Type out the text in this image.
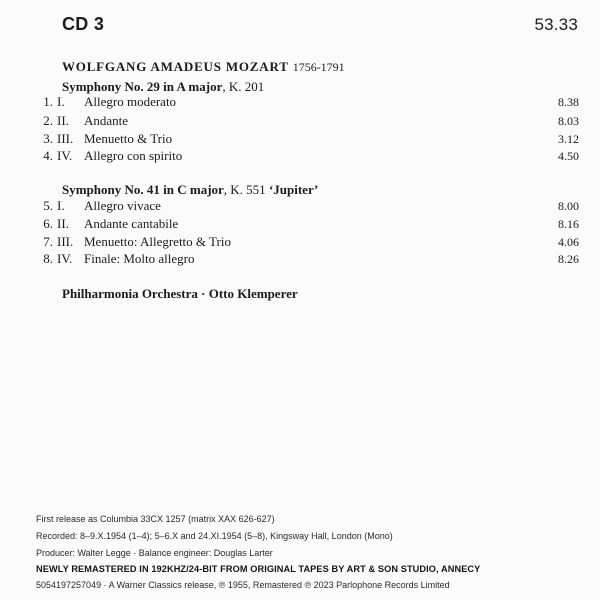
CD 3	53.33
WOLFGANG AMADEUS MOZART 1756-1791
Symphony No. 29 in A major, K. 201
1. I.	Allegro moderato	8.38
2. II.	Andante	8.03
3. III. Menuetto & Trio	3.12
4. IV. Allegro con spirito	4.50
Symphony No. 41 in C major, K. 551 ‘Jupiter’
5. I.	Allegro vivace	8.00
6. II.	Andante cantabile	8.16
7. III. Menuetto: Allegretto & Trio	4.06
8. IV. Finale: Molto allegro	8.26
Philharmonia Orchestra · Otto Klemperer
First release as Columbia 33CX 1257 (matrix XAX 626-627)
Recorded: 8–9.X.1954 (1–4); 5–6.X and 24.XI.1954 (5–8), Kingsway Hall, London (Mono)
Producer: Walter Legge · Balance engineer: Douglas Larter
NEWLY REMASTERED IN 192KHZ/24-BIT FROM ORIGINAL TAPES BY ART & SON STUDIO, ANNECY
5054197257049 · A Warner Classics release, ℗ 1955, Remastered ℗ 2023 Parlophone Records Limited
